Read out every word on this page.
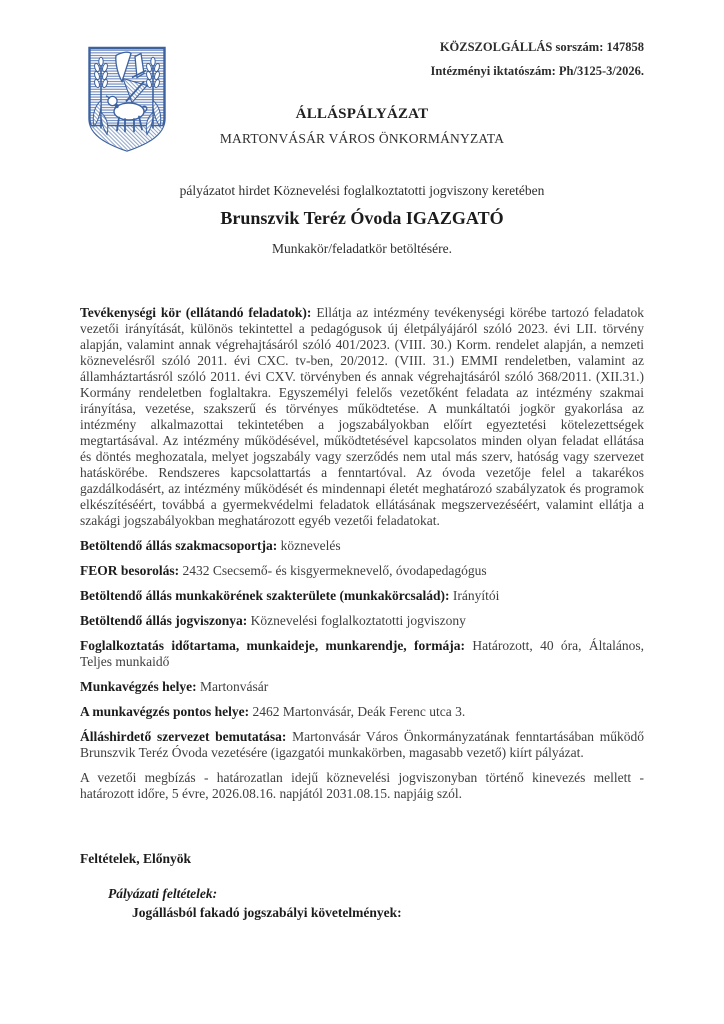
KÖZSZOLGÁLLÁS sorszám: 147858
Intézményi iktatószám: Ph/3125-3/2026.
ÁLLÁSPÁLYÁZAT
MARTONVÁSÁR VÁROS ÖNKORMÁNYZATA
pályázatot hirdet Köznevelési foglalkoztatotti jogviszony keretében
Brunszvik Teréz Óvoda IGAZGATÓ
Munkakör/feladatkör betöltésére.

Tevékenységi kör (ellátandó feladatok): Ellátja az intézmény tevékenységi körébe tartozó feladatok vezetői irányítását, különös tekintettel a pedagógusok új életpályájáról szóló 2023. évi LII. törvény alapján, valamint annak végrehajtásáról szóló 401/2023. (VIII. 30.) Korm. rendelet alapján, a nemzeti köznevelésről szóló 2011. évi CXC. tv-ben, 20/2012. (VIII. 31.) EMMI rendeletben, valamint az államháztartásról szóló 2011. évi CXV. törvényben és annak végrehajtásáról szóló 368/2011. (XII.31.) Kormány rendeletben foglaltakra. Egyszemélyi felelős vezetőként feladata az intézmény szakmai irányítása, vezetése, szakszerű és törvényes működtetése. A munkáltatói jogkör gyakorlása az intézmény alkalmazottai tekintetében a jogszabályokban előírt egyeztetési kötelezettségek megtartásával. Az intézmény működésével, működtetésével kapcsolatos minden olyan feladat ellátása és döntés meghozatala, melyet jogszabály vagy szerződés nem utal más szerv, hatóság vagy szervezet hatáskörébe. Rendszeres kapcsolattartás a fenntartóval. Az óvoda vezetője felel a takarékos gazdálkodásért, az intézmény működését és mindennapi életét meghatározó szabályzatok és programok elkészítéséért, továbbá a gyermekvédelmi feladatok ellátásának megszervezéséért, valamint ellátja a szakági jogszabályokban meghatározott egyéb vezetői feladatokat.

Betöltendő állás szakmacsoportja: köznevelés

FEOR besorolás: 2432 Csecsemő- és kisgyermeknevelő, óvodapedagógus

Betöltendő állás munkakörének szakterülete (munkakörcsalád): Irányítói

Betöltendő állás jogviszonya: Köznevelési foglalkoztatotti jogviszony

Foglalkoztatás időtartama, munkaideje, munkarendje, formája: Határozott, 40 óra, Általános, Teljes munkaidő

Munkavégzés helye: Martonvásár

A munkavégzés pontos helye: 2462 Martonvásár, Deák Ferenc utca 3.

Álláshirdető szervezet bemutatása: Martonvásár Város Önkormányzatának fenntartásában működő Brunszvik Teréz Óvoda vezetésére (igazgatói munkakörben, magasabb vezető) kiírt pályázat.

A vezetői megbízás - határozatlan idejű köznevelési jogviszonyban történő kinevezés mellett - határozott időre, 5 évre, 2026.08.16. napjától 2031.08.15. napjáig szól.

Feltételek, Előnyök
Pályázati feltételek:
Jogállásból fakadó jogszabályi követelmények:
